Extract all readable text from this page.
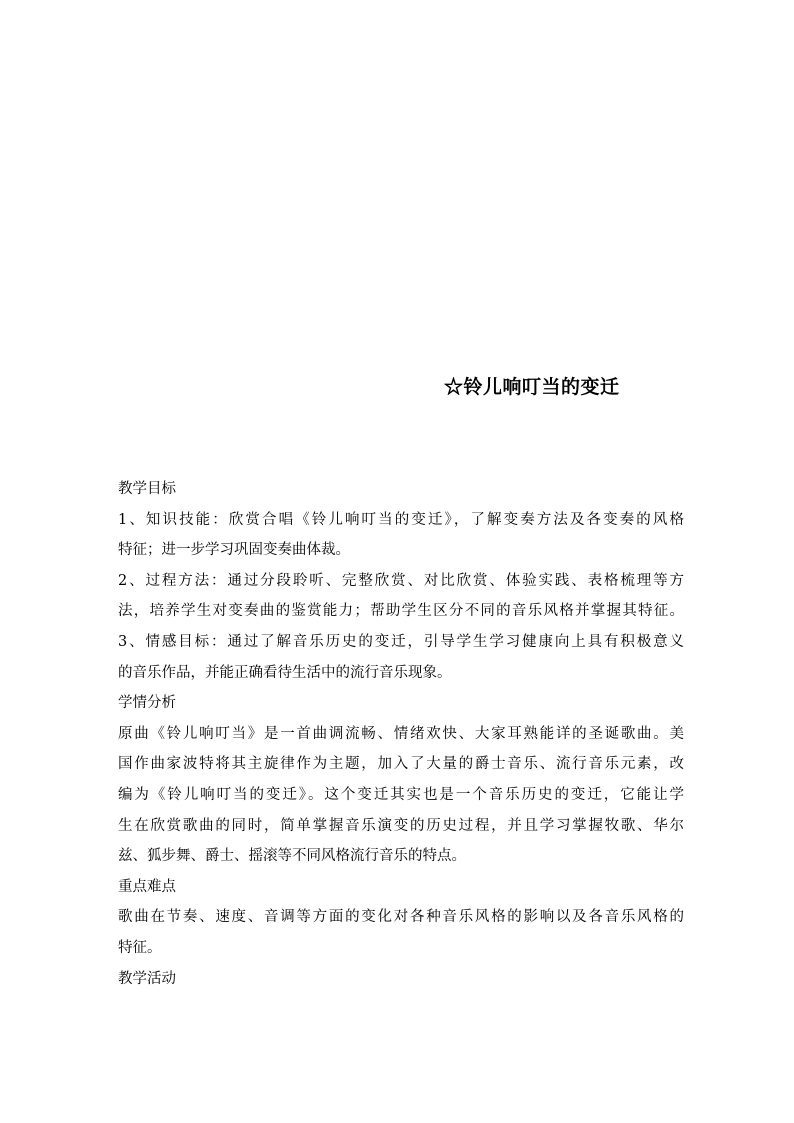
☆铃儿响叮当的变迁
教学目标
1、知识技能：欣赏合唱《铃儿响叮当的变迁》，了解变奏方法及各变奏的风格
特征；进一步学习巩固变奏曲体裁。
2、过程方法：通过分段聆听、完整欣赏、对比欣赏、体验实践、表格梳理等方
法，培养学生对变奏曲的鉴赏能力；帮助学生区分不同的音乐风格并掌握其特征。
3、情感目标：通过了解音乐历史的变迁，引导学生学习健康向上具有积极意义
的音乐作品，并能正确看待生活中的流行音乐现象。
学情分析
原曲《铃儿响叮当》是一首曲调流畅、情绪欢快、大家耳熟能详的圣诞歌曲。美
国作曲家波特将其主旋律作为主题，加入了大量的爵士音乐、流行音乐元素，改
编为《铃儿响叮当的变迁》。这个变迁其实也是一个音乐历史的变迁，它能让学
生在欣赏歌曲的同时，简单掌握音乐演变的历史过程，并且学习掌握牧歌、华尔
兹、狐步舞、爵士、摇滚等不同风格流行音乐的特点。
重点难点
歌曲在节奏、速度、音调等方面的变化对各种音乐风格的影响以及各音乐风格的
特征。
教学活动
